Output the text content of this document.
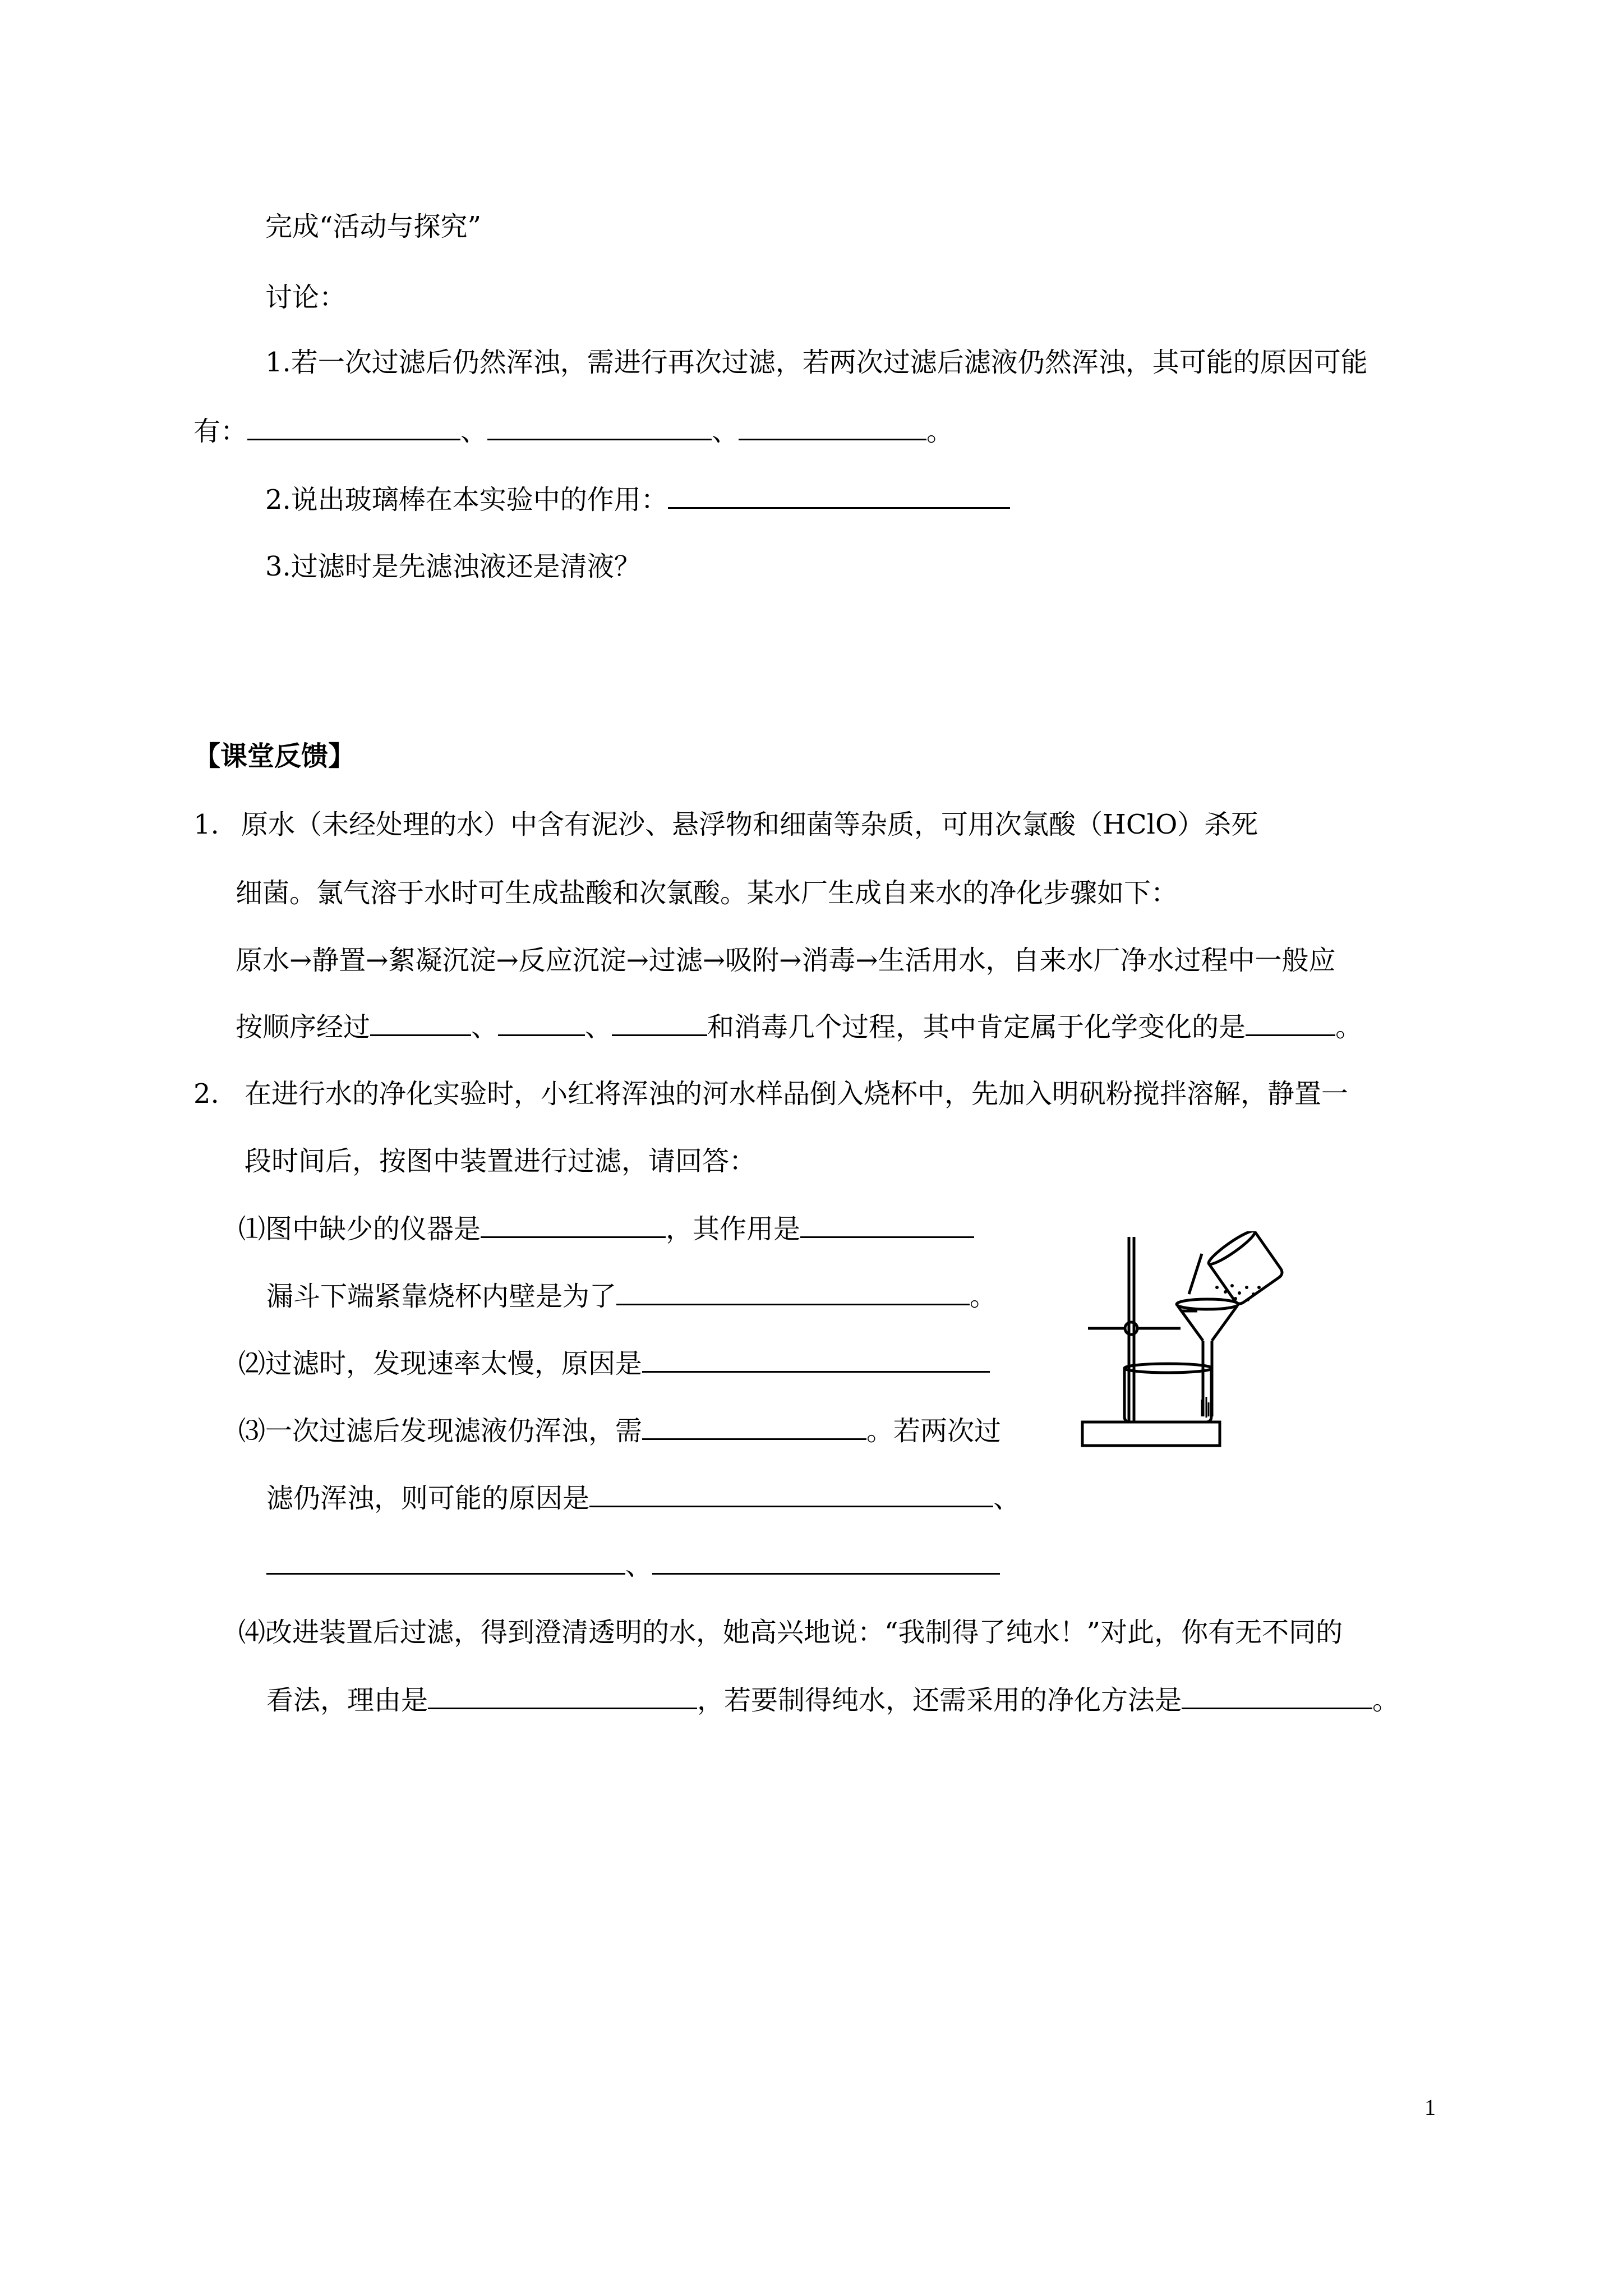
完成“活动与探究”
讨论：
1.若一次过滤后仍然浑浊，需进行再次过滤，若两次过滤后滤液仍然浑浊，其可能的原因可能
有：	、	、	。
2.说出玻璃棒在本实验中的作用：
3.过滤时是先滤浊液还是清液？
【课堂反馈】
1. 原水（未经处理的水）中含有泥沙、悬浮物和细菌等杂质，可用次氯酸（HClO）杀死
细菌。氯气溶于水时可生成盐酸和次氯酸。某水厂生成自来水的净化步骤如下：
原水→静置→絮凝沉淀→反应沉淀→过滤→吸附→消毒→生活用水，自来水厂净水过程中一般应
按顺序经过	、	、	和消毒几个过程，其中肯定属于化学变化的是	。
2. 在进行水的净化实验时，小红将浑浊的河水样品倒入烧杯中，先加入明矾粉搅拌溶解，静置一
段时间后，按图中装置进行过滤，请回答：
⑴图中缺少的仪器是	，其作用是
漏斗下端紧靠烧杯内壁是为了	。
⑵过滤时，发现速率太慢，原因是
⑶一次过滤后发现滤液仍浑浊，需	。若两次过
滤仍浑浊，则可能的原因是	、
、
⑷改进装置后过滤，得到澄清透明的水，她高兴地说：“我制得了纯水！”对此，你有无不同的
看法，理由是	，若要制得纯水，还需采用的净化方法是	。
1
